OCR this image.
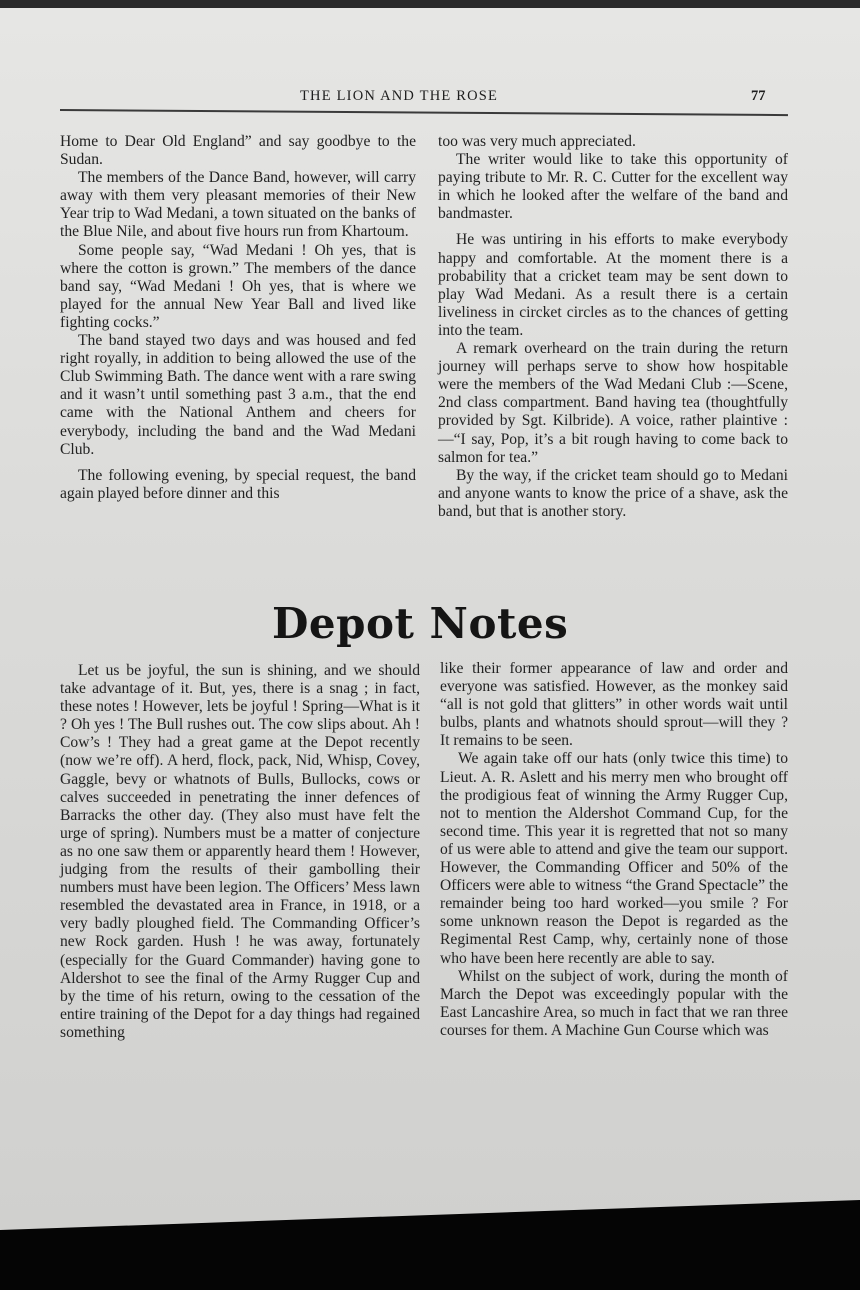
THE LION AND THE ROSE	77

Home to Dear Old England” and say goodbye to the Sudan.

The members of the Dance Band, however, will carry away with them very pleasant memories of their New Year trip to Wad Medani, a town situated on the banks of the Blue Nile, and about five hours run from Khartoum.

Some people say, “Wad Medani ! Oh yes, that is where the cotton is grown.” The members of the dance band say, “Wad Medani ! Oh yes, that is where we played for the annual New Year Ball and lived like fighting cocks.”

The band stayed two days and was housed and fed right royally, in addition to being allowed the use of the Club Swimming Bath. The dance went with a rare swing and it wasn’t until something past 3 a.m., that the end came with the National Anthem and cheers for everybody, including the band and the Wad Medani Club.

The following evening, by special request, the band again played before dinner and this

too was very much appreciated.

The writer would like to take this opportunity of paying tribute to Mr. R. C. Cutter for the excellent way in which he looked after the welfare of the band and bandmaster.

He was untiring in his efforts to make everybody happy and comfortable. At the moment there is a probability that a cricket team may be sent down to play Wad Medani. As a result there is a certain liveliness in circket circles as to the chances of getting into the team.

A remark overheard on the train during the return journey will perhaps serve to show how hospitable were the members of the Wad Medani Club :—Scene, 2nd class compartment. Band having tea (thoughtfully provided by Sgt. Kilbride). A voice, rather plaintive :—“I say, Pop, it’s a bit rough having to come back to salmon for tea.”

By the way, if the cricket team should go to Medani and anyone wants to know the price of a shave, ask the band, but that is another story.

Depot Notes

Let us be joyful, the sun is shining, and we should take advantage of it. But, yes, there is a snag ; in fact, these notes ! However, lets be joyful ! Spring—What is it ? Oh yes ! The Bull rushes out. The cow slips about. Ah ! Cow’s ! They had a great game at the Depot recently (now we’re off). A herd, flock, pack, Nid, Whisp, Covey, Gaggle, bevy or whatnots of Bulls, Bullocks, cows or calves succeeded in penetrating the inner defences of Barracks the other day. (They also must have felt the urge of spring). Numbers must be a matter of conjecture as no one saw them or apparently heard them ! However, judging from the results of their gambolling their numbers must have been legion. The Officers’ Mess lawn resembled the devastated area in France, in 1918, or a very badly ploughed field. The Commanding Officer’s new Rock garden. Hush ! he was away, fortunately (especially for the Guard Commander) having gone to Aldershot to see the final of the Army Rugger Cup and by the time of his return, owing to the cessation of the entire training of the Depot for a day things had regained something

like their former appearance of law and order and everyone was satisfied. However, as the monkey said “all is not gold that glitters” in other words wait until bulbs, plants and whatnots should sprout—will they ? It remains to be seen.

We again take off our hats (only twice this time) to Lieut. A. R. Aslett and his merry men who brought off the prodigious feat of winning the Army Rugger Cup, not to mention the Aldershot Command Cup, for the second time. This year it is regretted that not so many of us were able to attend and give the team our support. However, the Commanding Officer and 50% of the Officers were able to witness “the Grand Spectacle” the remainder being too hard worked—you smile ? For some unknown reason the Depot is regarded as the Regimental Rest Camp, why, certainly none of those who have been here recently are able to say.

Whilst on the subject of work, during the month of March the Depot was exceedingly popular with the East Lancashire Area, so much in fact that we ran three courses for them. A Machine Gun Course which was
